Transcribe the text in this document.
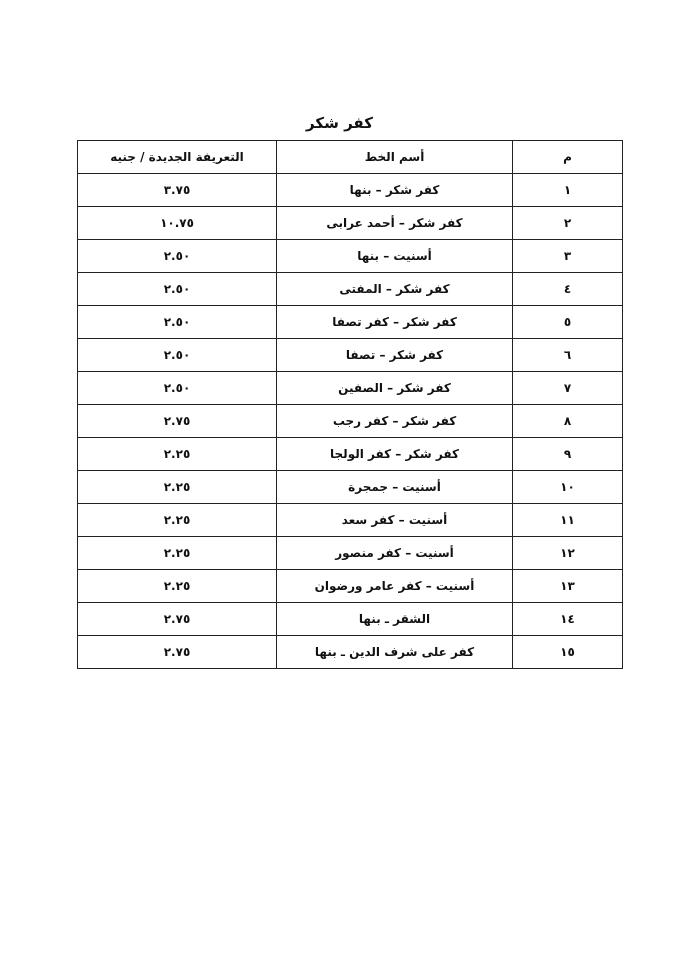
كفر شكر
م	أسم الخط	التعريفة الجديدة / جنيه
١	كفر شكر – بنها	٣.٧٥
٢	كفر شكر – أحمد عرابى	١٠.٧٥
٣	أسنيت – بنها	٢.٥٠
٤	كفر شكر – المفتى	٢.٥٠
٥	كفر شكر – كفر تصفا	٢.٥٠
٦	كفر شكر – تصفا	٢.٥٠
٧	كفر شكر – الصفين	٢.٥٠
٨	كفر شكر – كفر رجب	٢.٧٥
٩	كفر شكر – كفر الولجا	٢.٢٥
١٠	أسنيت – جمجرة	٢.٢٥
١١	أسنيت – كفر سعد	٢.٢٥
١٢	أسنيت – كفر منصور	٢.٢٥
١٣	أسنيت – كفر عامر ورضوان	٢.٢٥
١٤	الشقر ـ بنها	٢.٧٥
١٥	كفر على شرف الدين ـ بنها	٢.٧٥
